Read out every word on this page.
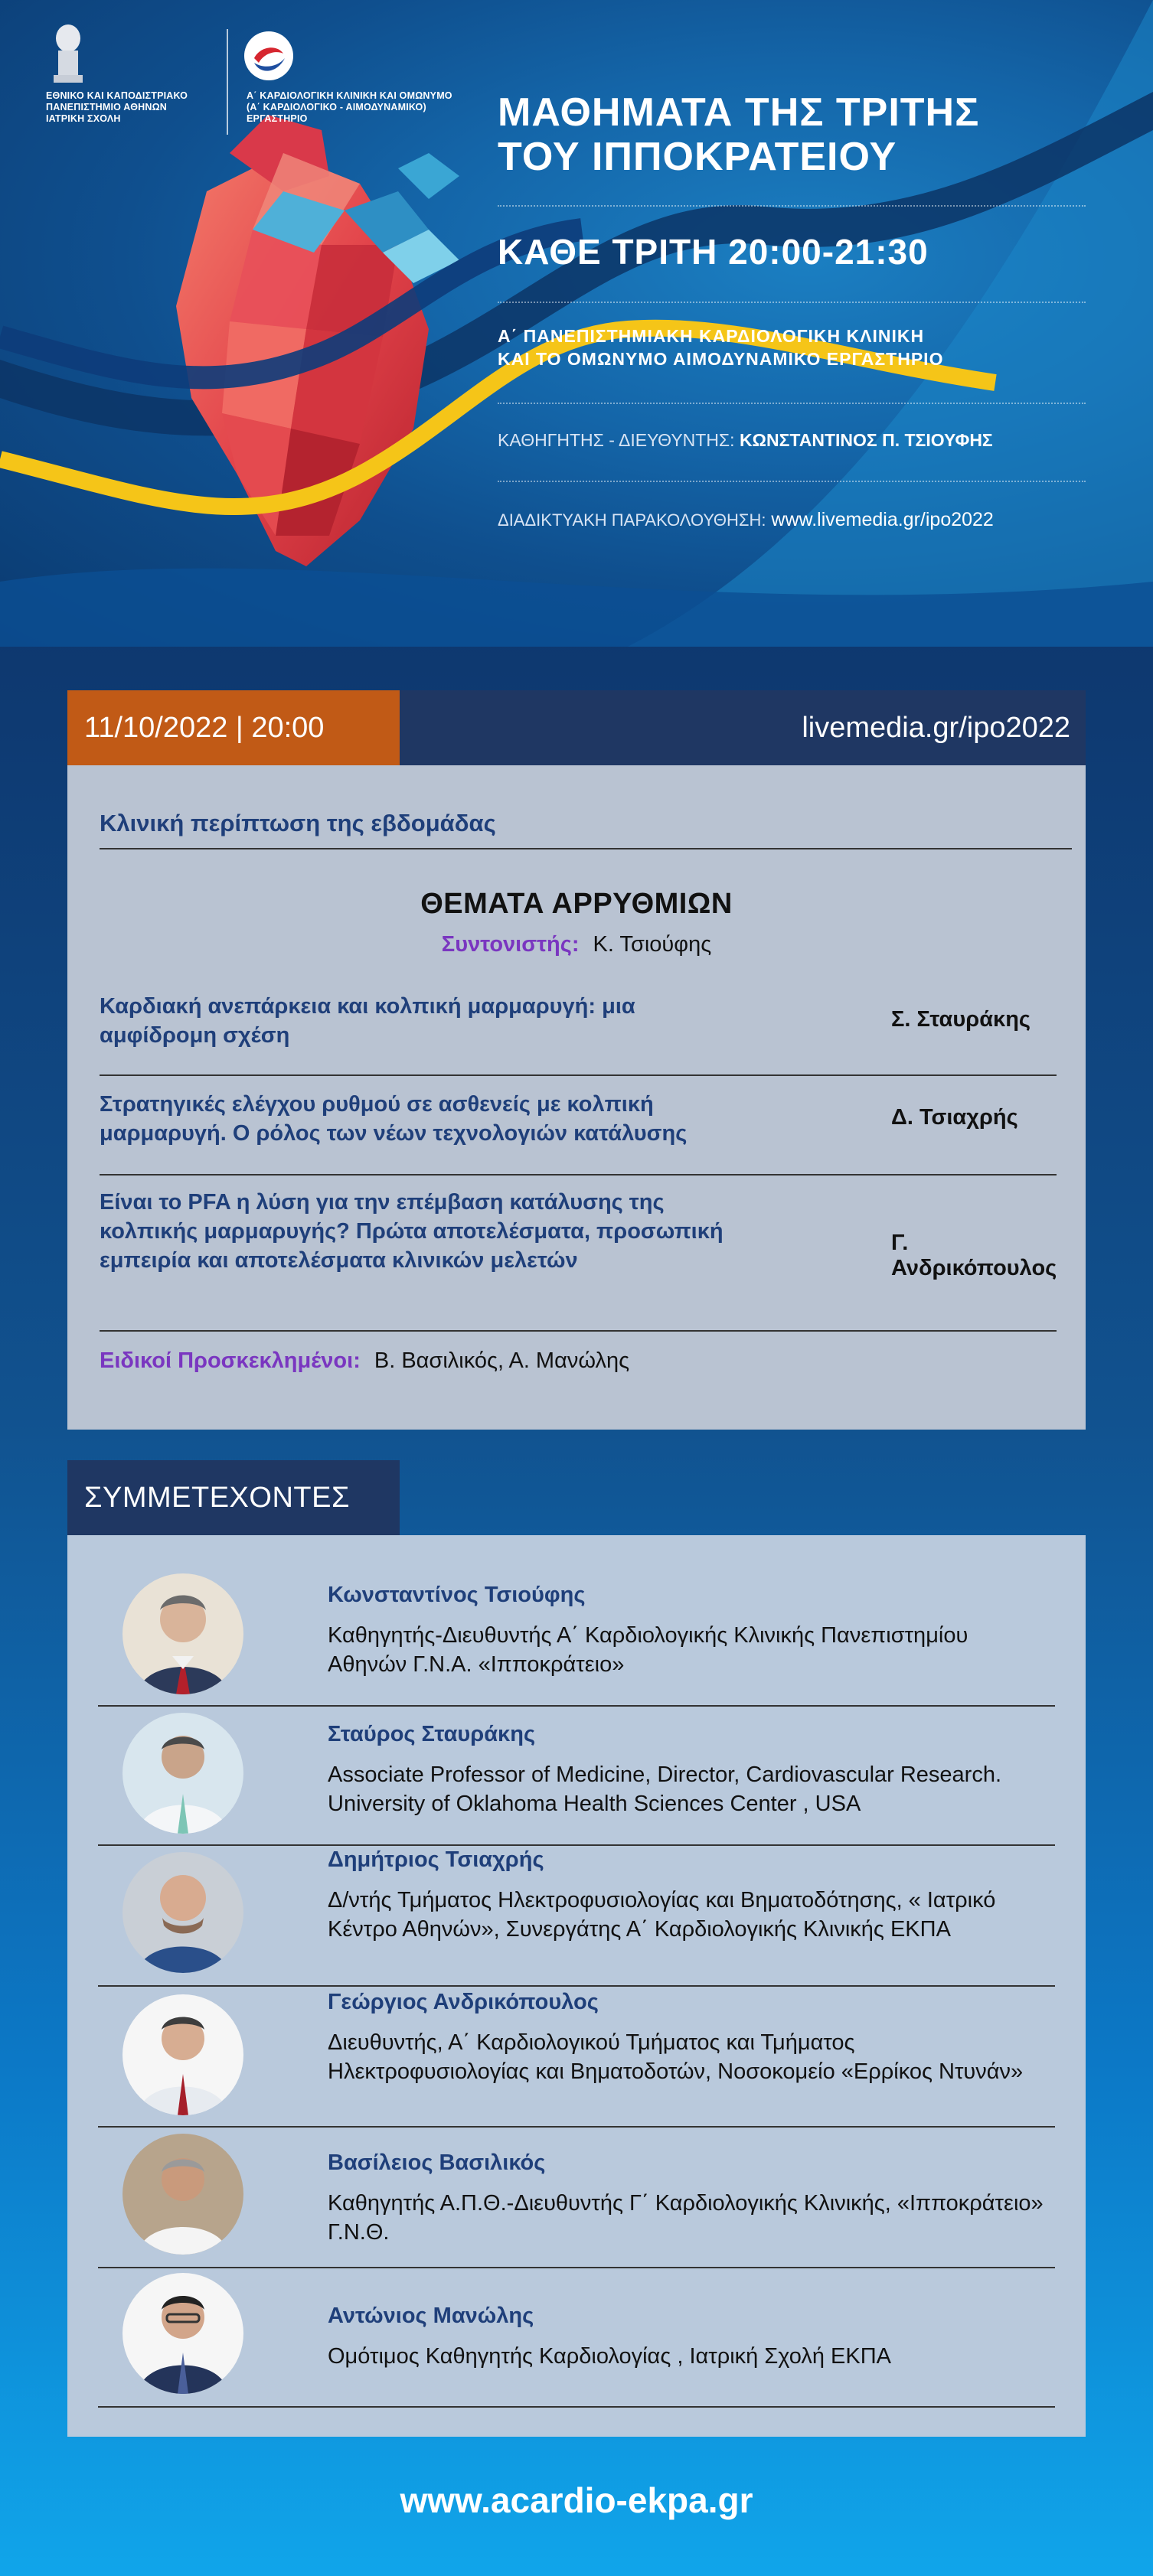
ΕΘΝΙΚΟ ΚΑΙ ΚΑΠΟΔΙΣΤΡΙΑΚΟ ΠΑΝΕΠΙΣΤΗΜΙΟ ΑΘΗΝΩΝ ΙΑΤΡΙΚΗ ΣΧΟΛΗ
Α΄ ΚΑΡΔΙΟΛΟΓΙΚΗ ΚΛΙΝΙΚΗ ΚΑΙ ΟΜΩΝΥΜΟ (Α΄ ΚΑΡΔΙΟΛΟΓΙΚΟ - ΑΙΜΟΔΥΝΑΜΙΚΟ) ΕΡΓΑΣΤΗΡΙΟ	ΜΑΘΗΜΑΤΑ ΤΗΣ ΤΡΙΤΗΣ
ΤΟΥ ΙΠΠΟΚΡΑΤΕΙΟΥ
ΚΑΘΕ ΤΡΙΤΗ 20:00-21:30
Α΄ ΠΑΝΕΠΙΣΤΗΜΙΑΚΗ ΚΑΡΔΙΟΛΟΓΙΚΗ ΚΛΙΝΙΚΗ
ΚΑΙ ΤΟ ΟΜΩΝΥΜΟ ΑΙΜΟΔΥΝΑΜΙΚΟ ΕΡΓΑΣΤΗΡΙΟ
ΚΑΘΗΓΗΤΗΣ - ΔΙΕΥΘΥΝΤΗΣ: ΚΩΝΣΤΑΝΤΙΝΟΣ Π. ΤΣΙΟΥΦΗΣ
ΔΙΑΔΙΚΤΥΑΚΗ ΠΑΡΑΚΟΛΟΥΘΗΣΗ: www.livemedia.gr/ipo2022
11/10/2022 | 20:00	livemedia.gr/ipo2022
Κλινική περίπτωση της εβδομάδας
ΘΕΜΑΤΑ ΑΡΡΥΘΜΙΩΝ
Συντονιστής: Κ. Τσιούφης
Καρδιακή ανεπάρκεια και κολπική μαρμαρυγή: μια αμφίδρομη σχέση
Σ. Σταυράκης
Στρατηγικές ελέγχου ρυθμού σε ασθενείς με κολπική μαρμαρυγή. Ο ρόλος των νέων τεχνολογιών κατάλυσης
Δ. Τσιαχρής
Είναι το PFA η λύση για την επέμβαση κατάλυσης της κολπικής μαρμαρυγής? Πρώτα αποτελέσματα, προσωπική εμπειρία και αποτελέσματα κλινικών μελετών
Γ. Ανδρικόπουλος
Ειδικοί Προσκεκλημένοι: Β. Βασιλικός, Α. Μανώλης
ΣΥΜΜΕΤΕΧΟΝΤΕΣ
Κωνσταντίνος Τσιούφης
Καθηγητής-Διευθυντής Α΄ Καρδιολογικής Κλινικής Πανεπιστημίου Αθηνών Γ.Ν.Α. «Ιπποκράτειο»
Σταύρος Σταυράκης
Associate Professor of Medicine, Director, Cardiovascular Research. University of Oklahoma Health Sciences Center , USA
Δημήτριος Τσιαχρής
Δ/ντής Τμήματος Ηλεκτροφυσιολογίας και Βηματοδότησης, « Ιατρικό Κέντρο Αθηνών», Συνεργάτης Α΄ Καρδιολογικής Κλινικής ΕΚΠΑ
Γεώργιος Ανδρικόπουλος
Διευθυντής, Α΄ Καρδιολογικού Τμήματος και Τμήματος Ηλεκτροφυσιολογίας και Βηματοδοτών, Νοσοκομείο «Ερρίκος Ντυνάν»
Βασίλειος Βασιλικός
Καθηγητής Α.Π.Θ.-Διευθυντής Γ΄ Καρδιολογικής Κλινικής, «Ιπποκράτειο» Γ.Ν.Θ.
Αντώνιος Μανώλης
Ομότιμος Καθηγητής Καρδιολογίας , Ιατρική Σχολή ΕΚΠΑ
www.acardio-ekpa.gr
